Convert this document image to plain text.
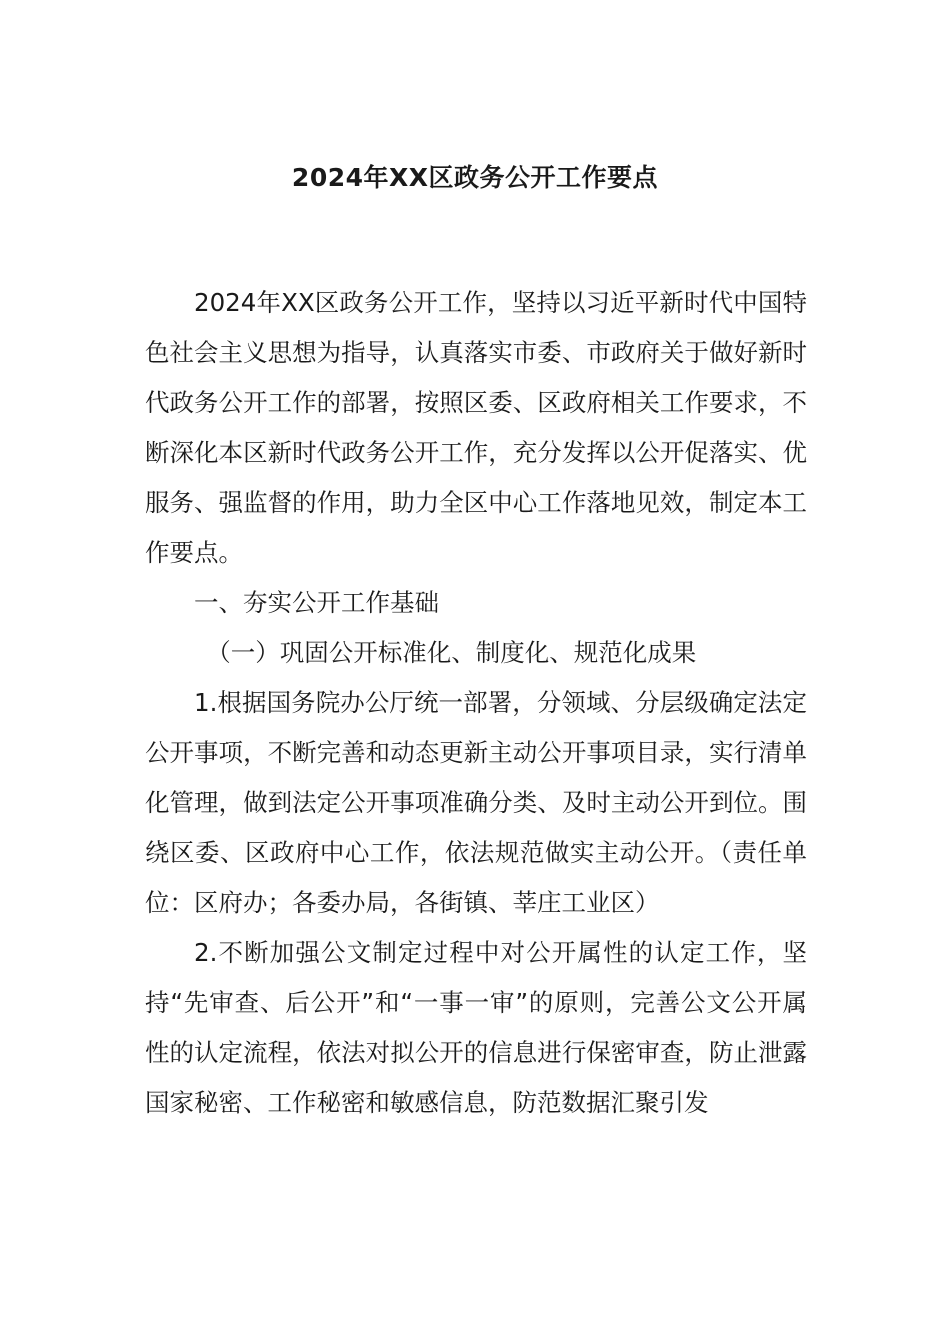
2024年XX区政务公开工作要点

2024年XX区政务公开工作，坚持以习近平新时代中国特色社会主义思想为指导，认真落实市委、市政府关于做好新时代政务公开工作的部署，按照区委、区政府相关工作要求，不断深化本区新时代政务公开工作，充分发挥以公开促落实、优服务、强监督的作用，助力全区中心工作落地见效，制定本工作要点。

一、夯实公开工作基础

（一）巩固公开标准化、制度化、规范化成果

1.根据国务院办公厅统一部署，分领域、分层级确定法定公开事项，不断完善和动态更新主动公开事项目录，实行清单化管理，做到法定公开事项准确分类、及时主动公开到位。围绕区委、区政府中心工作，依法规范做实主动公开。（责任单位：区府办；各委办局，各街镇、莘庄工业区）

2.不断加强公文制定过程中对公开属性的认定工作，坚持“先审查、后公开”和“一事一审”的原则，完善公文公开属性的认定流程，依法对拟公开的信息进行保密审查，防止泄露国家秘密、工作秘密和敏感信息，防范数据汇聚引发
